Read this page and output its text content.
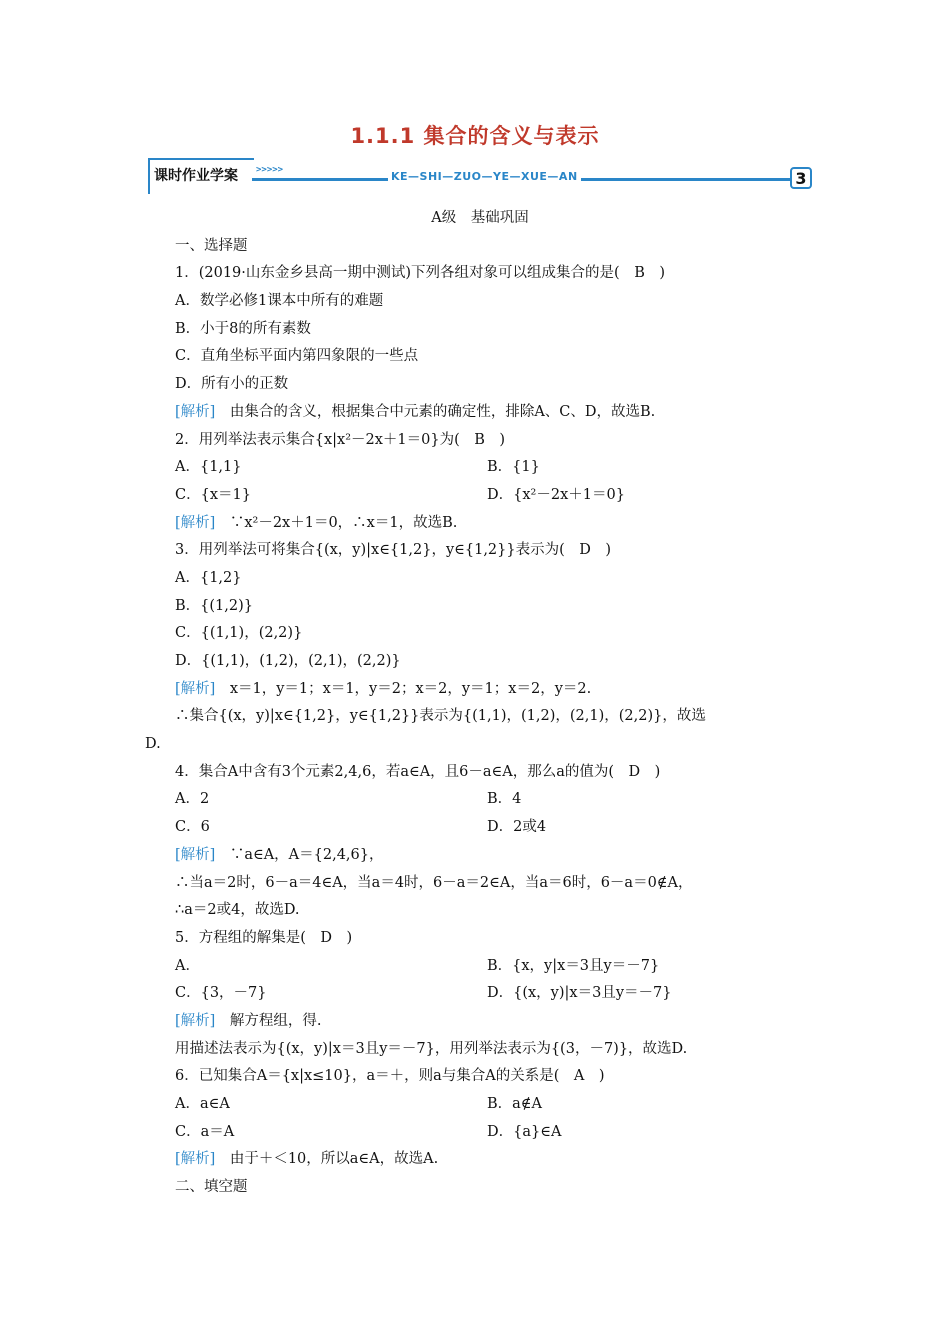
1.1.1 集合的含义与表示
课时作业学案 >>>>>	KE—SHI—ZUO—YE—XUE—AN	3
A级　基础巩固
一、选择题
1．(2019·山东金乡县高一期中测试)下列各组对象可以组成集合的是(　B　)
A．数学必修1课本中所有的难题
B．小于8的所有素数
C．直角坐标平面内第四象限的一些点
D．所有小的正数
[解析]　由集合的含义，根据集合中元素的确定性，排除A、C、D，故选B.
2．用列举法表示集合{x|x²－2x＋1＝0}为(　B　)
A．{1,1}	B．{1}
C．{x＝1}	D．{x²－2x＋1＝0}
[解析]　∵x²－2x＋1＝0，∴x＝1，故选B.
3．用列举法可将集合{(x，y)|x∈{1,2}，y∈{1,2}}表示为(　D　)
A．{1,2}
B．{(1,2)}
C．{(1,1)，(2,2)}
D．{(1,1)，(1,2)，(2,1)，(2,2)}
[解析]　x＝1，y＝1；x＝1，y＝2；x＝2，y＝1；x＝2，y＝2.
∴集合{(x，y)|x∈{1,2}，y∈{1,2}}表示为{(1,1)，(1,2)，(2,1)，(2,2)}，故选
D.
4．集合A中含有3个元素2,4,6，若a∈A，且6－a∈A，那么a的值为(　D　)
A．2	B．4
C．6	D．2或4
[解析]　∵a∈A，A＝{2,4,6}，
∴当a＝2时，6－a＝4∈A，当a＝4时，6－a＝2∈A，当a＝6时，6－a＝0∉A，
∴a＝2或4，故选D.
5．方程组的解集是(　D　)
A．	B．{x，y|x＝3且y＝－7}
C．{3，－7}	D．{(x，y)|x＝3且y＝－7}
[解析]　解方程组，得.
用描述法表示为{(x，y)|x＝3且y＝－7}，用列举法表示为{(3，－7)}，故选D.
6．已知集合A＝{x|x≤10}，a＝＋，则a与集合A的关系是(　A　)
A．a∈A	B．a∉A
C．a＝A	D．{a}∈A
[解析]　由于＋＜10，所以a∈A，故选A.
二、填空题
